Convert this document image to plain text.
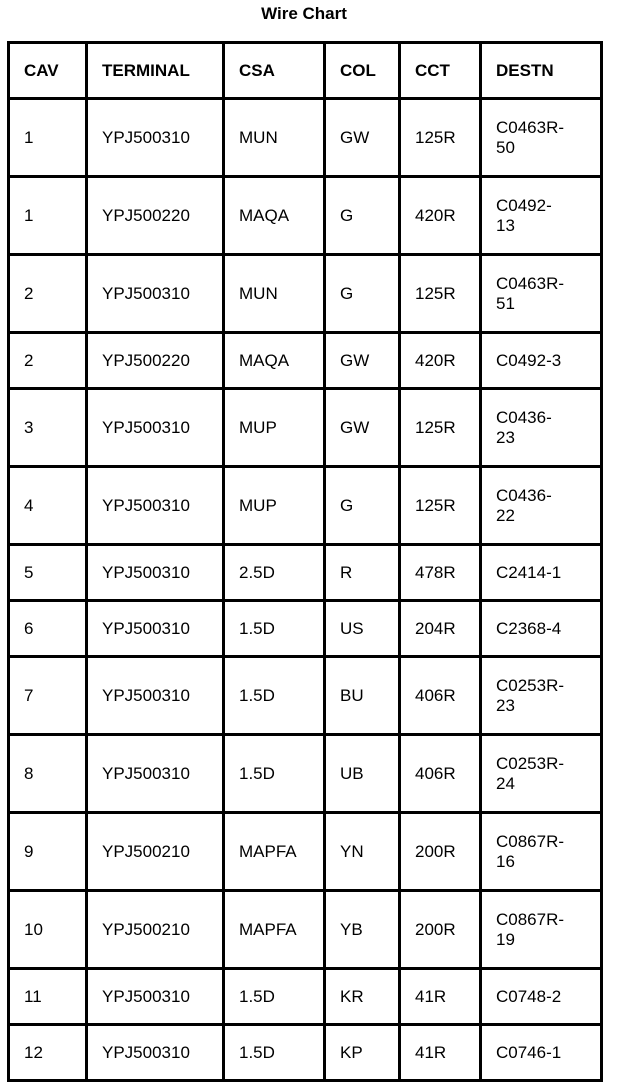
Wire Chart
CAV	TERMINAL	CSA	COL	CCT	DESTN
1	YPJ500310	MUN	GW	125R	C0463R-
50
1	YPJ500220	MAQA	G	420R	C0492-
13
2	YPJ500310	MUN	G	125R	C0463R-
51
2	YPJ500220	MAQA	GW	420R	C0492-3
3	YPJ500310	MUP	GW	125R	C0436-
23
4	YPJ500310	MUP	G	125R	C0436-
22
5	YPJ500310	2.5D	R	478R	C2414-1
6	YPJ500310	1.5D	US	204R	C2368-4
7	YPJ500310	1.5D	BU	406R	C0253R-
23
8	YPJ500310	1.5D	UB	406R	C0253R-
24
9	YPJ500210	MAPFA	YN	200R	C0867R-
16
10	YPJ500210	MAPFA	YB	200R	C0867R-
19
11	YPJ500310	1.5D	KR	41R	C0748-2
12	YPJ500310	1.5D	KP	41R	C0746-1
